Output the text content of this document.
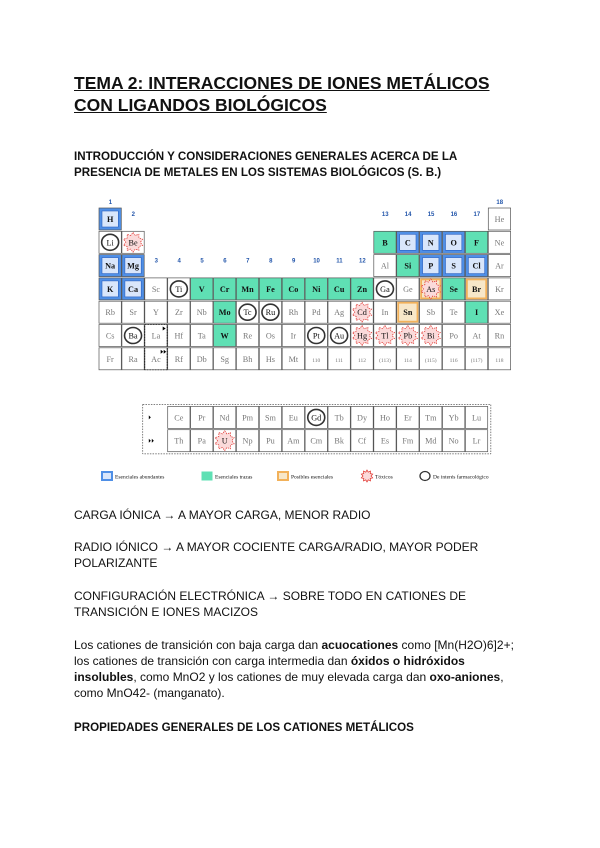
TEMA 2: INTERACCIONES DE IONES METÁLICOS
CON LIGANDOS BIOLÓGICOS
INTRODUCCIÓN Y CONSIDERACIONES GENERALES ACERCA DE LA
PRESENCIA DE METALES EN LOS SISTEMAS BIOLÓGICOS (S. B.)
1
2
3	4	5	6	7	8	9	10	11	12
13	14	15	16	17
18
H	He
Li Be	B C N O F Ne
Na Mg	Al Si P S Cl Ar
K Ca Sc Ti V Cr Mn Fe Co Ni Cu Zn Ga Ge As Se Br Kr
Rb Sr Y Zr Nb Mo Tc Ru Rh Pd Ag Cd In Sn Sb Te I Xe
Cs Ba La Hf Ta W Re Os Ir Pt Au Hg Tl Pb Bi Po At Rn
Fr Ra Ac Rf Db Sg Bh Hs Mt	110	111	112 (113) 114 (115) 116 (117) 118
Ce Pr Nd Pm Sm Eu Gd Tb Dy Ho Er Tm Yb Lu
Th Pa U Np Pu Am Cm Bk Cf Es Fm Md No Lr
Esenciales abundantes	Esenciales trazas	Posibles esenciales	Tóxicos	De interés farmacológico
CARGA IÓNICA → A MAYOR CARGA, MENOR RADIO
RADIO IÓNICO → A MAYOR COCIENTE CARGA/RADIO, MAYOR PODER
POLARIZANTE
CONFIGURACIÓN ELECTRÓNICA → SOBRE TODO EN CATIONES DE
TRANSICIÓN E IONES MACIZOS
Los cationes de transición con baja carga dan acuocationes como [Mn(H2O)6]2+;
los cationes de transición con carga intermedia dan óxidos o hidróxidos
insolubles, como MnO2 y los cationes de muy elevada carga dan oxo-aniones,
como MnO42- (manganato).
PROPIEDADES GENERALES DE LOS CATIONES METÁLICOS
